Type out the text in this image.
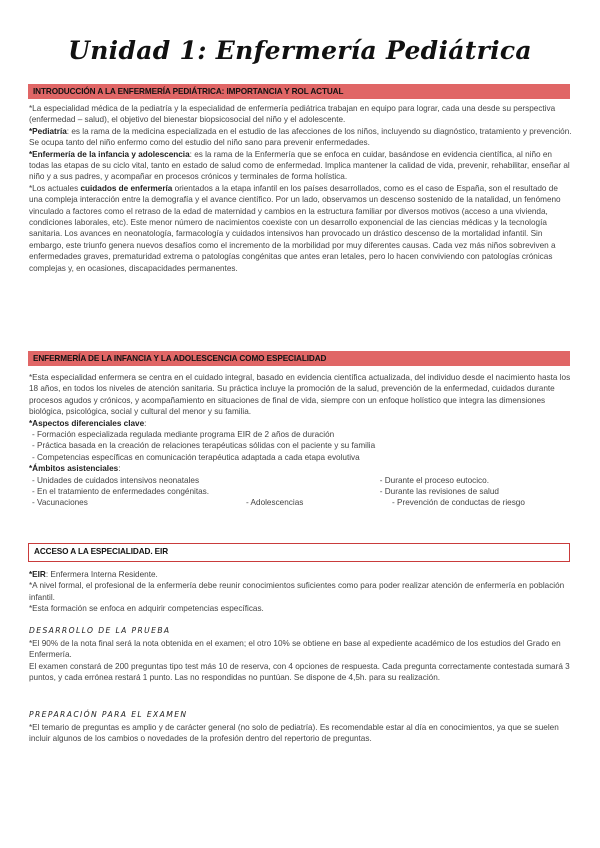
Unidad 1: Enfermería Pediátrica
INTRODUCCIÓN A LA ENFERMERÍA PEDIÁTRICA: IMPORTANCIA Y ROL ACTUAL

*La especialidad médica de la pediatría y la especialidad de enfermería pediátrica trabajan en equipo para lograr, cada una desde su perspectiva (enfermedad – salud), el objetivo del bienestar biopsicosocial del niño y el adolescente.

*Pediatría: es la rama de la medicina especializada en el estudio de las afecciones de los niños, incluyendo su diagnóstico, tratamiento y prevención. Se ocupa tanto del niño enfermo como del estudio del niño sano para prevenir enfermedades.

*Enfermería de la infancia y adolescencia: es la rama de la Enfermería que se enfoca en cuidar, basándose en evidencia científica, al niño en todas las etapas de su ciclo vital, tanto en estado de salud como de enfermedad. Implica mantener la calidad de vida, prevenir, rehabilitar, enseñar al niño y a sus padres, y acompañar en procesos crónicos y terminales de forma holística.

*Los actuales cuidados de enfermería orientados a la etapa infantil en los países desarrollados, como es el caso de España, son el resultado de una compleja interacción entre la demografía y el avance científico. Por un lado, observamos un descenso sostenido de la natalidad, un fenómeno vinculado a factores como el retraso de la edad de maternidad y cambios en la estructura familiar por diversos motivos (acceso a una vivienda, condiciones laborales, etc). Este menor número de nacimientos coexiste con un desarrollo exponencial de las ciencias médicas y la tecnología sanitaria. Los avances en neonatología, farmacología y cuidados intensivos han provocado un drástico descenso de la mortalidad infantil. Sin embargo, este triunfo genera nuevos desafíos como el incremento de la morbilidad por muy diferentes causas. Cada vez más niños sobreviven a enfermedades graves, prematuridad extrema o patologías congénitas que antes eran letales, pero lo hacen conviviendo con patologías crónicas complejas y, en ocasiones, discapacidades permanentes.

ENFERMERÍA DE LA INFANCIA Y LA ADOLESCENCIA COMO ESPECIALIDAD

*Esta especialidad enfermera se centra en el cuidado integral, basado en evidencia científica actualizada, del individuo desde el nacimiento hasta los 18 años, en todos los niveles de atención sanitaria. Su práctica incluye la promoción de la salud, prevención de la enfermedad, cuidados durante procesos agudos y crónicos, y acompañamiento en situaciones de final de vida, siempre con un enfoque holístico que integra las dimensiones biológica, psicológica, social y cultural del menor y su familia.

*Aspectos diferenciales clave:

- Formación especializada regulada mediante programa EIR de 2 años de duración

- Práctica basada en la creación de relaciones terapéuticas sólidas con el paciente y su familia

- Competencias específicas en comunicación terapéutica adaptada a cada etapa evolutiva

*Ámbitos asistenciales:

- Unidades de cuidados intensivos neonatales
- En el tratamiento de enfermedades congénitas.
- Durante el proceso eutocico.
- Durante las revisiones de salud
- Vacunaciones	- Adolescencias	- Prevención de conductas de riesgo
ACCESO A LA ESPECIALIDAD. EIR

*EIR: Enfermera Interna Residente.

*A nivel formal, el profesional de la enfermería debe reunir conocimientos suficientes como para poder realizar atención de enfermería en población infantil.

*Esta formación se enfoca en adquirir competencias específicas.

DESARROLLO DE LA PRUEBA

*El 90% de la nota final será la nota obtenida en el examen; el otro 10% se obtiene en base al expediente académico de los estudios del Grado en Enfermería.

El examen constará de 200 preguntas tipo test más 10 de reserva, con 4 opciones de respuesta. Cada pregunta correctamente contestada sumará 3 puntos, y cada errónea restará 1 punto. Las no respondidas no puntúan. Se dispone de 4,5h. para su realización.

PREPARACIÓN PARA EL EXAMEN

*El temario de preguntas es amplio y de carácter general (no solo de pediatría). Es recomendable estar al día en conocimientos, ya que se suelen incluir algunos de los cambios o novedades de la profesión dentro del repertorio de preguntas.
